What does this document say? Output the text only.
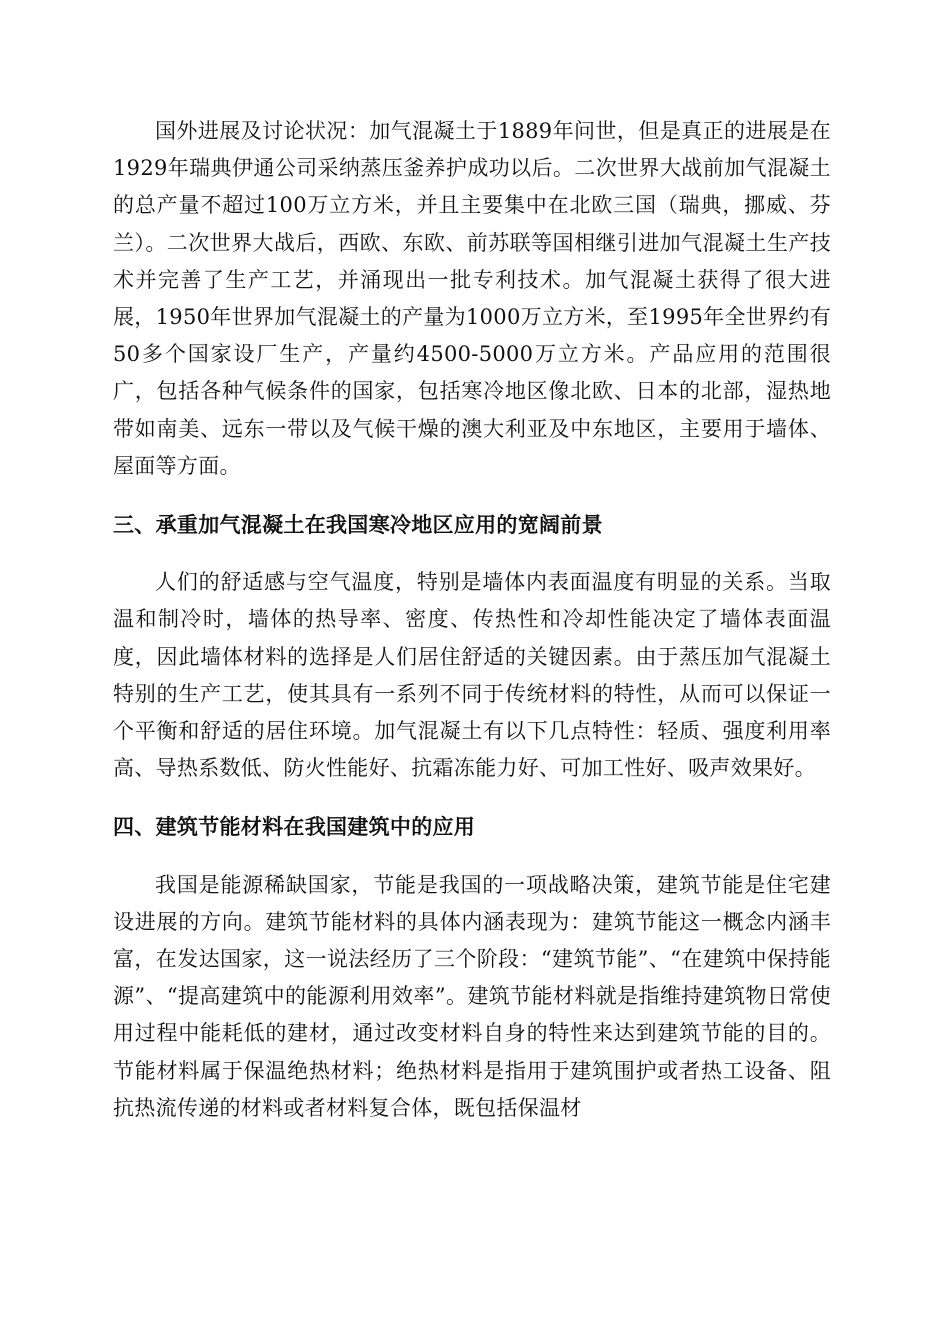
国外进展及讨论状况：加气混凝土于1889年问世，但是真正的进展是在1929年瑞典伊通公司采纳蒸压釜养护成功以后。二次世界大战前加气混凝土的总产量不超过100万立方米，并且主要集中在北欧三国（瑞典，挪威、芬兰）。二次世界大战后，西欧、东欧、前苏联等国相继引进加气混凝土生产技术并完善了生产工艺，并涌现出一批专利技术。加气混凝土获得了很大进展，1950年世界加气混凝土的产量为1000万立方米，至1995年全世界约有50多个国家设厂生产，产量约4500-5000万立方米。产品应用的范围很广，包括各种气候条件的国家，包括寒冷地区像北欧、日本的北部，湿热地带如南美、远东一带以及气候干燥的澳大利亚及中东地区，主要用于墙体、屋面等方面。

三、承重加气混凝土在我国寒冷地区应用的宽阔前景

人们的舒适感与空气温度，特别是墙体内表面温度有明显的关系。当取温和制冷时，墙体的热导率、密度、传热性和冷却性能决定了墙体表面温度，因此墙体材料的选择是人们居住舒适的关键因素。由于蒸压加气混凝土特别的生产工艺，使其具有一系列不同于传统材料的特性，从而可以保证一个平衡和舒适的居住环境。加气混凝土有以下几点特性：轻质、强度利用率高、导热系数低、防火性能好、抗霜冻能力好、可加工性好、吸声效果好。

四、建筑节能材料在我国建筑中的应用

我国是能源稀缺国家，节能是我国的一项战略决策，建筑节能是住宅建设进展的方向。建筑节能材料的具体内涵表现为：建筑节能这一概念内涵丰富，在发达国家，这一说法经历了三个阶段：“建筑节能”、“在建筑中保持能源”、“提高建筑中的能源利用效率”。建筑节能材料就是指维持建筑物日常使用过程中能耗低的建材，通过改变材料自身的特性来达到建筑节能的目的。节能材料属于保温绝热材料；绝热材料是指用于建筑围护或者热工设备、阻抗热流传递的材料或者材料复合体，既包括保温材
